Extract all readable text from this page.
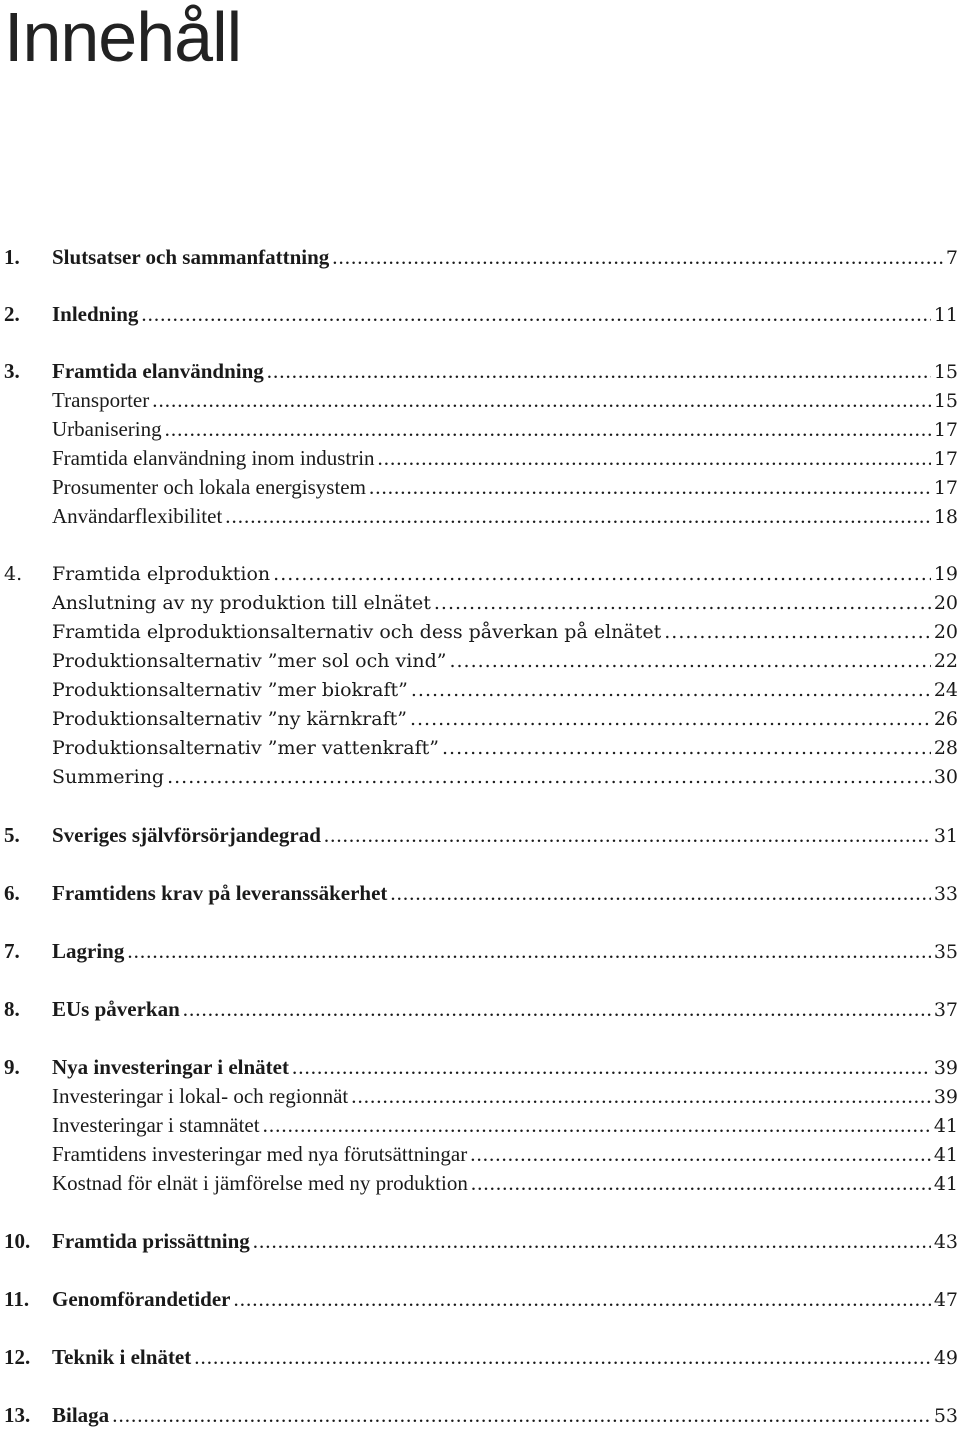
Innehåll
1.	Slutsatser och sammanfattning .....	7
2.	Inledning .....	11
3.	Framtida elanvändning .....	15
Transporter .....	15
Urbanisering .....	17
Framtida elanvändning inom industrin .....	17
Prosumenter och lokala energisystem .....	17
Användarflexibilitet .....	18
4.	Framtida elproduktion .....	19
Anslutning av ny produktion till elnätet .....	20
Framtida elproduktionsalternativ och dess påverkan på elnätet .....	20
Produktionsalternativ ”mer sol och vind” .....	22
Produktionsalternativ ”mer biokraft” .....	24
Produktionsalternativ ”ny kärnkraft” .....	26
Produktionsalternativ ”mer vattenkraft” .....	28
Summering .....	30
5.	Sveriges självförsörjandegrad .....	31
6.	Framtidens krav på leveranssäkerhet .....	33
7.	Lagring .....	35
8.	EUs påverkan .....	37
9.	Nya investeringar i elnätet .....	39
Investeringar i lokal- och regionnät .....	39
Investeringar i stamnätet .....	41
Framtidens investeringar med nya förutsättningar .....	41
Kostnad för elnät i jämförelse med ny produktion .....	41
10.	Framtida prissättning .....	43
11.	Genomförandetider .....	47
12.	Teknik i elnätet .....	49
13.	Bilaga .....	53
